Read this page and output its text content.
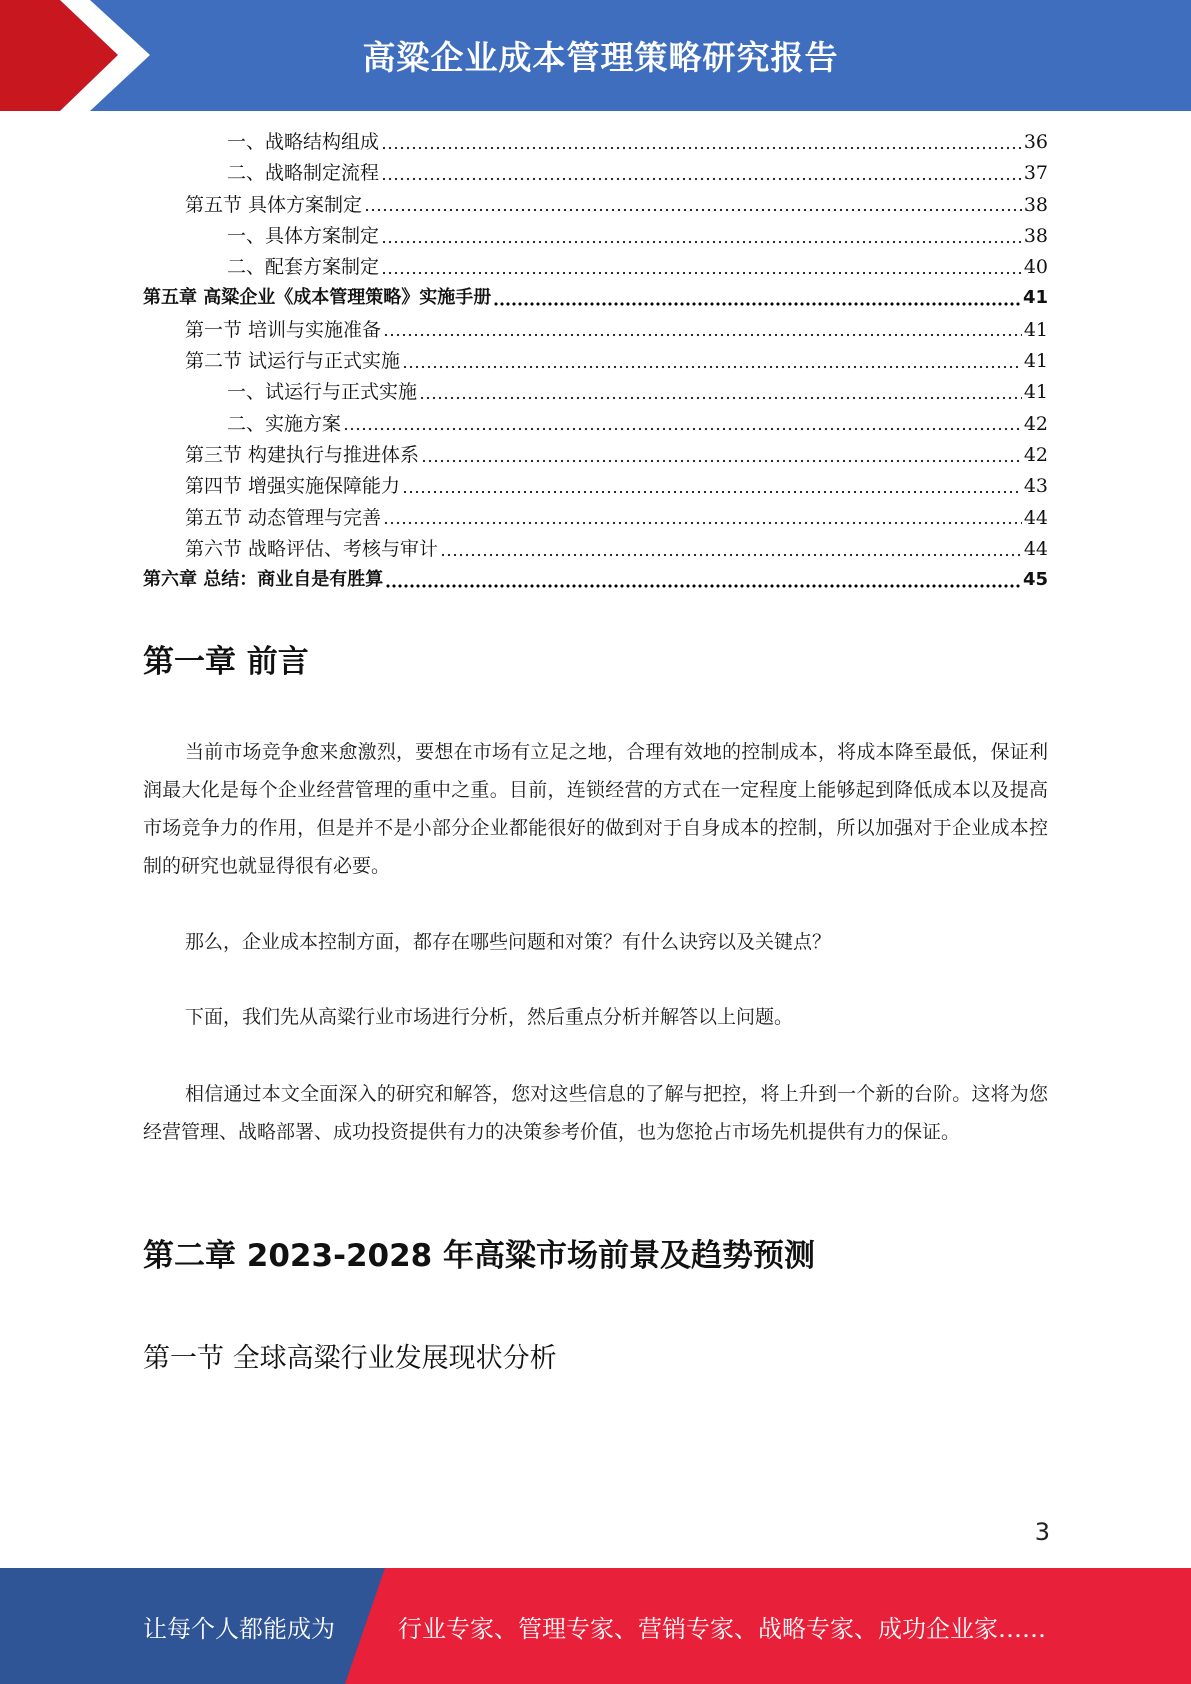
高粱企业成本管理策略研究报告
一、战略结构组成	36
二、战略制定流程	37
第五节 具体方案制定	38
一、具体方案制定	38
二、配套方案制定	40
第五章 高粱企业《成本管理策略》实施手册	41
第一节 培训与实施准备	41
第二节 试运行与正式实施	41
一、试运行与正式实施	41
二、实施方案	42
第三节 构建执行与推进体系	42
第四节 增强实施保障能力	43
第五节 动态管理与完善	44
第六节 战略评估、考核与审计	44
第六章 总结：商业自是有胜算	45
第一章 前言

当前市场竞争愈来愈激烈，要想在市场有立足之地，合理有效地的控制成本，将成本降至最低，保证利润最大化是每个企业经营管理的重中之重。目前，连锁经营的方式在一定程度上能够起到降低成本以及提高市场竞争力的作用，但是并不是小部分企业都能很好的做到对于自身成本的控制，所以加强对于企业成本控制的研究也就显得很有必要。

那么，企业成本控制方面，都存在哪些问题和对策？有什么诀窍以及关键点？

下面，我们先从高粱行业市场进行分析，然后重点分析并解答以上问题。

相信通过本文全面深入的研究和解答，您对这些信息的了解与把控，将上升到一个新的台阶。这将为您经营管理、战略部署、成功投资提供有力的决策参考价值，也为您抢占市场先机提供有力的保证。

第二章 2023-2028 年高粱市场前景及趋势预测
第一节 全球高粱行业发展现状分析
3
让每个人都能成为	行业专家、管理专家、营销专家、战略专家、成功企业家……
